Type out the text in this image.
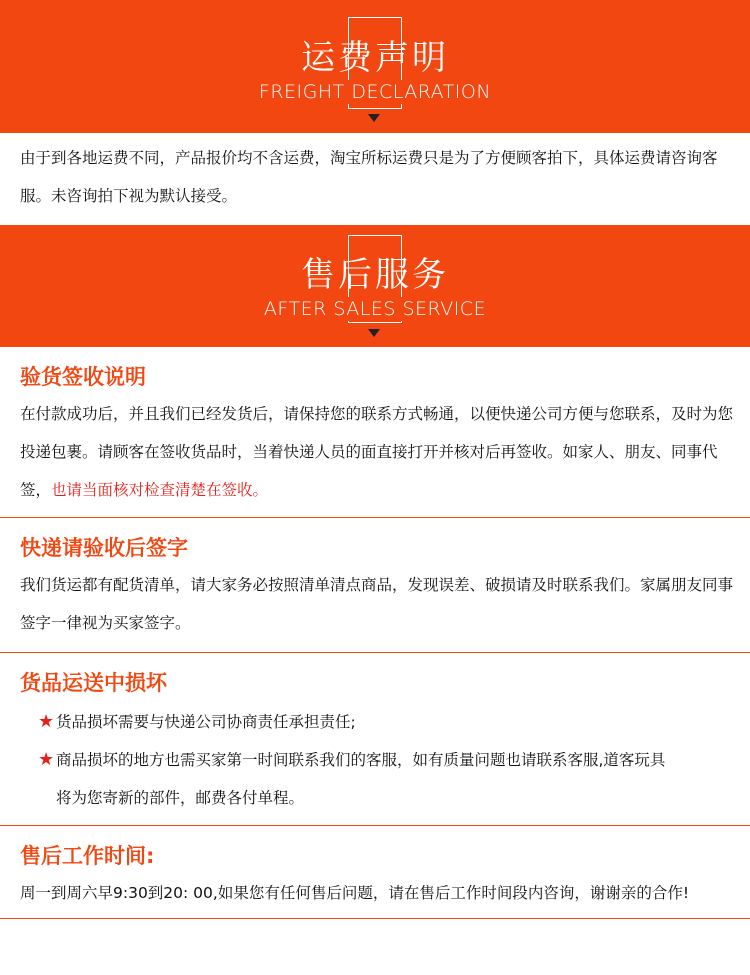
运费声明
FREIGHT DECLARATION

由于到各地运费不同，产品报价均不含运费，淘宝所标运费只是为了方便顾客拍下，具体运费请咨询客服。未咨询拍下视为默认接受。

售后服务
AFTER SALES SERVICE
验货签收说明
在付款成功后，并且我们已经发货后，请保持您的联系方式畅通，以便快递公司方便与您联系，及时为您投递包裹。请顾客在签收货品时，当着快递人员的面直接打开并核对后再签收。如家人、朋友、同事代签，也请当面核对检查清楚在签收。
快递请验收后签字
我们货运都有配货清单，请大家务必按照清单清点商品，发现误差、破损请及时联系我们。家属朋友同事签字一律视为买家签字。
货品运送中损坏
★ 货品损坏需要与快递公司协商责任承担责任;
★ 商品损坏的地方也需买家第一时间联系我们的客服，如有质量问题也请联系客服,道客玩具
将为您寄新的部件，邮费各付单程。
售后工作时间:
周一到周六早9:30到20: 00,如果您有任何售后问题，请在售后工作时间段内咨询，谢谢亲的合作!
